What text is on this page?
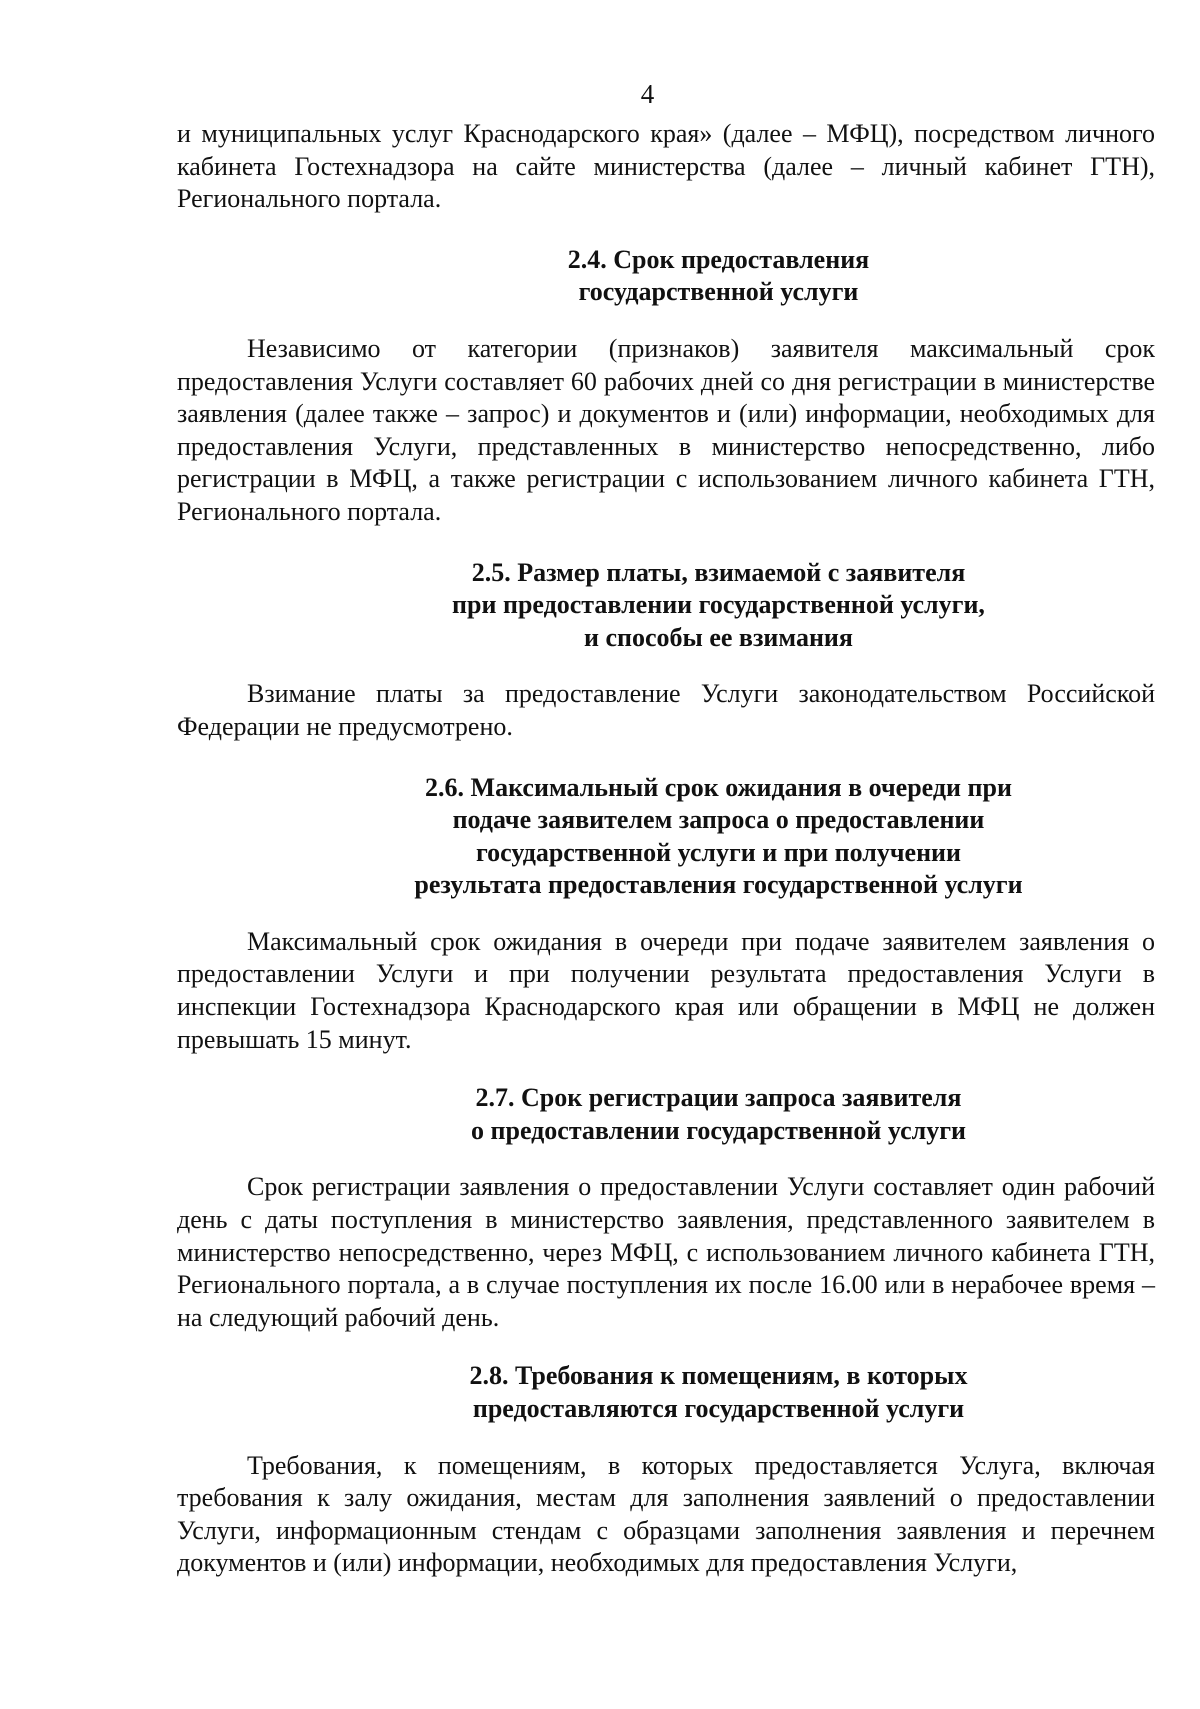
4

и муниципальных услуг Краснодарского края» (далее – МФЦ), посредством личного кабинета Гостехнадзора на сайте министерства (далее – личный кабинет ГТН), Регионального портала.

2.4. Срок предоставления
государственной услуги

Независимо от категории (признаков) заявителя максимальный срок предоставления Услуги составляет 60 рабочих дней со дня регистрации в министерстве заявления (далее также – запрос) и документов и (или) информации, необходимых для предоставления Услуги, представленных в министерство непосредственно, либо регистрации в МФЦ, а также регистрации с использованием личного кабинета ГТН, Регионального портала.

2.5. Размер платы, взимаемой с заявителя
при предоставлении государственной услуги,
и способы ее взимания

Взимание платы за предоставление Услуги законодательством Российской Федерации не предусмотрено.

2.6. Максимальный срок ожидания в очереди при
подаче заявителем запроса о предоставлении
государственной услуги и при получении
результата предоставления государственной услуги

Максимальный срок ожидания в очереди при подаче заявителем заявления о предоставлении Услуги и при получении результата предоставления Услуги в инспекции Гостехнадзора Краснодарского края или обращении в МФЦ не должен превышать 15 минут.

2.7. Срок регистрации запроса заявителя
о предоставлении государственной услуги

Срок регистрации заявления о предоставлении Услуги составляет один рабочий день с даты поступления в министерство заявления, представленного заявителем в министерство непосредственно, через МФЦ, с использованием личного кабинета ГТН, Регионального портала, а в случае поступления их после 16.00 или в нерабочее время – на следующий рабочий день.

2.8. Требования к помещениям, в которых
предоставляются государственной услуги

Требования, к помещениям, в которых предоставляется Услуга, включая требования к залу ожидания, местам для заполнения заявлений о предоставлении Услуги, информационным стендам с образцами заполнения заявления и перечнем документов и (или) информации, необходимых для предоставления Услуги,
